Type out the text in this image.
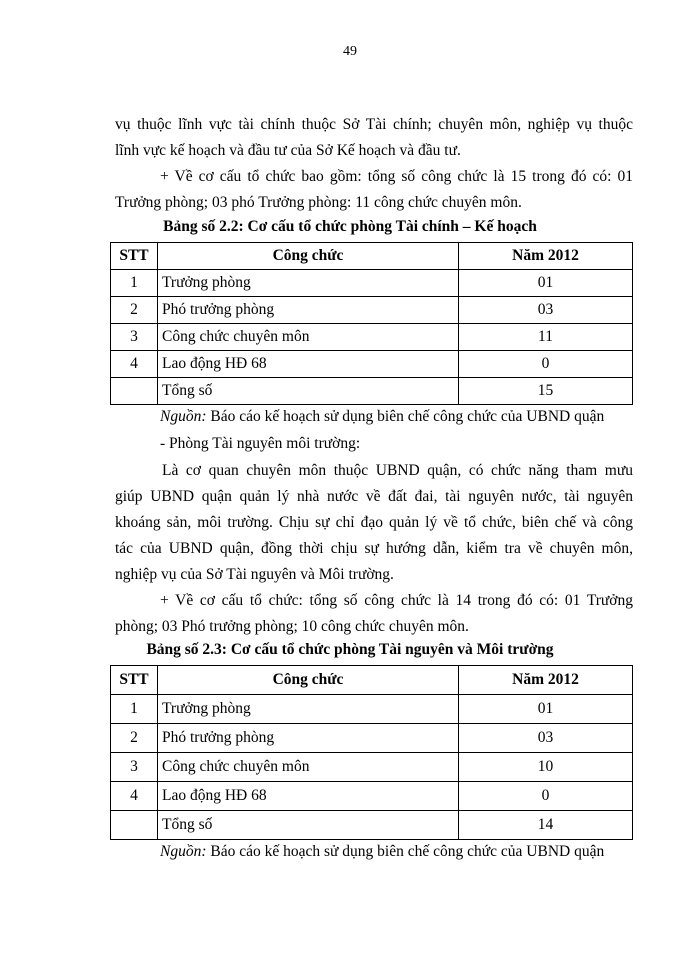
49
vụ thuộc lĩnh vực tài chính thuộc Sở Tài chính; chuyên môn, nghiệp vụ thuộc
lĩnh vực kế hoạch và đầu tư của Sở Kế hoạch và đầu tư.
+ Về cơ cấu tổ chức bao gồm: tổng số công chức là 15 trong đó có: 01
Trưởng phòng; 03 phó Trưởng phòng: 11 công chức chuyên môn.
Bảng số 2.2: Cơ cấu tổ chức phòng Tài chính – Kế hoạch
STT	Công chức	Năm 2012
1	Trưởng phòng	01
2	Phó trưởng phòng	03
3	Công chức chuyên môn	11
4	Lao động HĐ 68	0
	Tổng số	15
Nguồn: Báo cáo kế hoạch sử dụng biên chế công chức của UBND quận
- Phòng Tài nguyên môi trường:
Là cơ quan chuyên môn thuộc UBND quận, có chức năng tham mưu
giúp UBND quận quản lý nhà nước về đất đai, tài nguyên nước, tài nguyên
khoáng sản, môi trường. Chịu sự chỉ đạo quản lý về tổ chức, biên chế và công
tác của UBND quận, đồng thời chịu sự hướng dẫn, kiểm tra về chuyên môn,
nghiệp vụ của Sở Tài nguyên và Môi trường.
+ Về cơ cấu tổ chức: tổng số công chức là 14 trong đó có: 01 Trưởng
phòng; 03 Phó trưởng phòng; 10 công chức chuyên môn.
Bảng số 2.3: Cơ cấu tổ chức phòng Tài nguyên và Môi trường
STT	Công chức	Năm 2012
1	Trưởng phòng	01
2	Phó trưởng phòng	03
3	Công chức chuyên môn	10
4	Lao động HĐ 68	0
	Tổng số	14
Nguồn: Báo cáo kế hoạch sử dụng biên chế công chức của UBND quận
